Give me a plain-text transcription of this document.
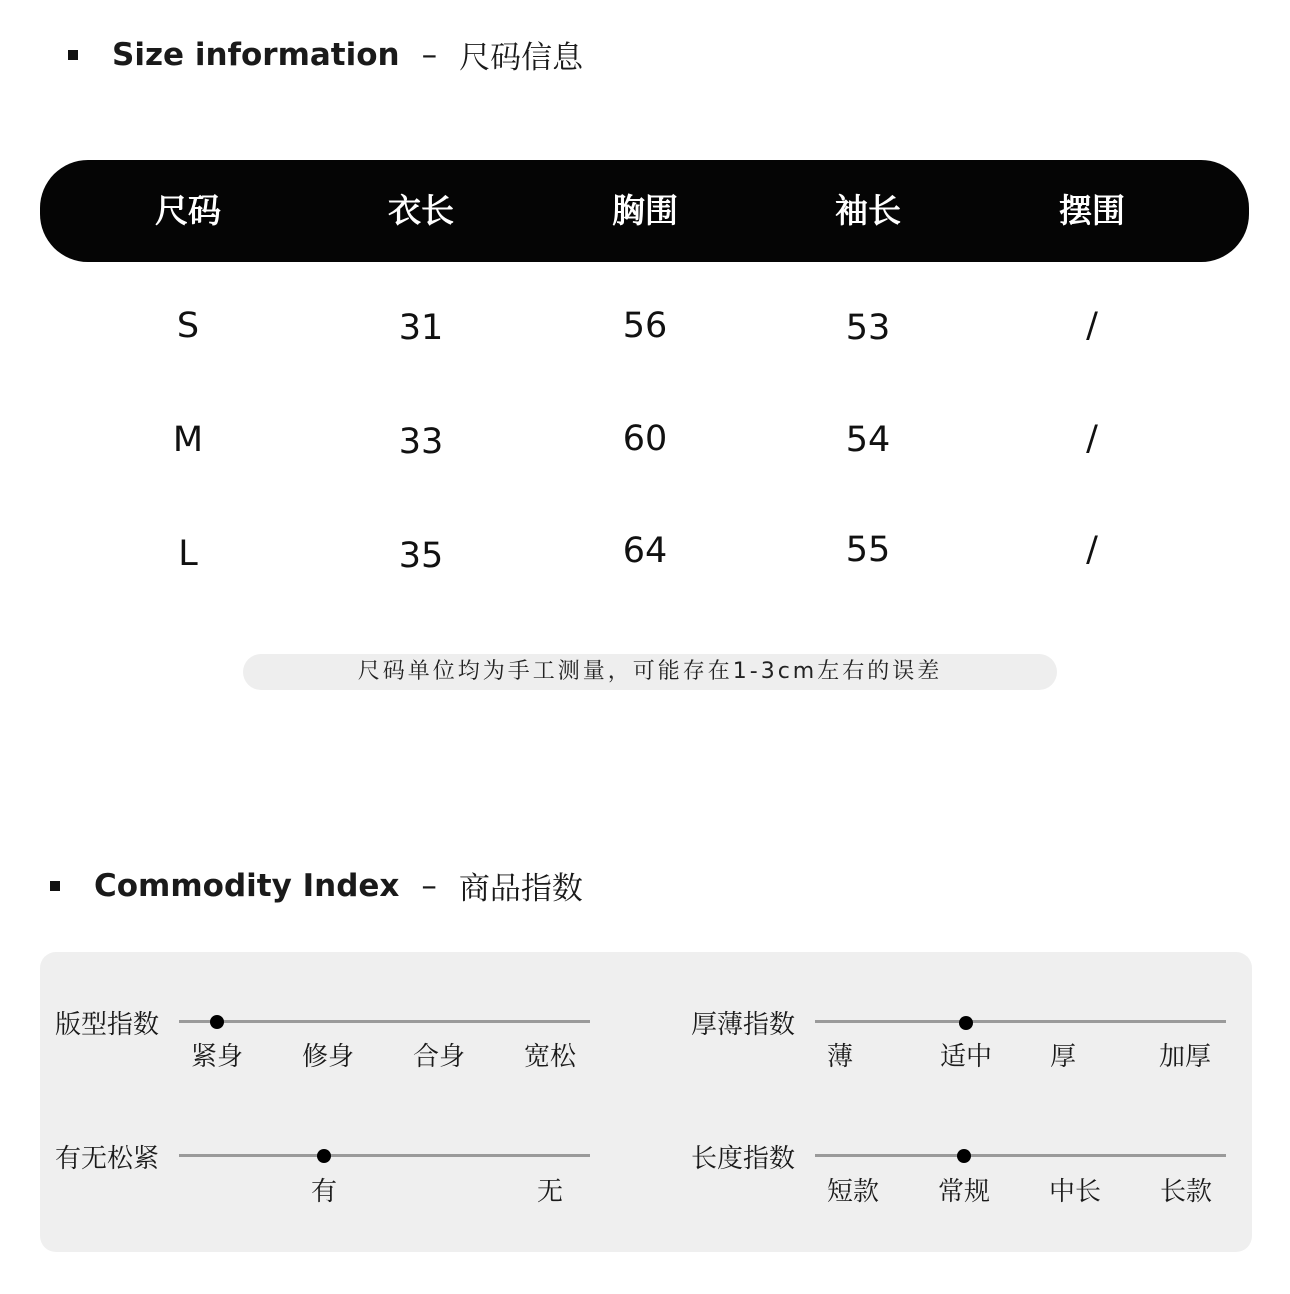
Size information – 尺码信息
尺码	衣长	胸围	袖长	摆围
S	31	56	53	/
M	33	60	54	/
L	35	64	55	/
尺码单位均为手工测量，可能存在1-3cm左右的误差
Commodity Index – 商品指数
版型指数
紧身 修身 合身 宽松
厚薄指数
薄	适中 厚	加厚
有无松紧
有	无
长度指数
短款 常规 中长 长款
